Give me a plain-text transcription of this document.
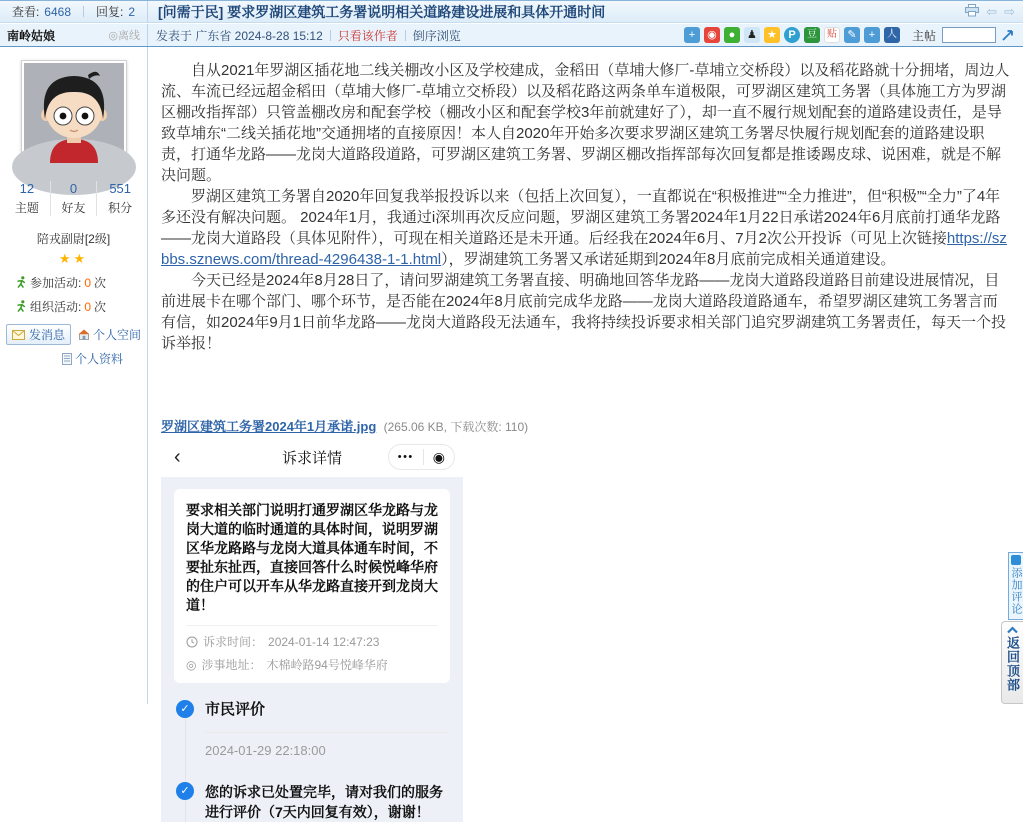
查看: 6468 回复: 2	[问需于民] 要求罗湖区建筑工务署说明相关道路建设进展和具体开通时间	⇦ ⇨
南岭姑娘	◎离线 发表于 广东省 2024-8-28 15:12 只看该作者 倒序浏览	+	◉	●	♟ ★	P	豆	贴 ✎	+	人 主帖
12
主题
0
好友
551
积分
陪戎副尉[2级]
★★
参加活动: 0 次
组织活动: 0 次
发消息 个人空间
个人资料

自从2021年罗湖区插花地二线关棚改小区及学校建成，金稻田（草埔大修厂-草埔立交桥段）以及稻花路就十分拥堵，周边人流、车流已经远超金稻田（草埔大修厂-草埔立交桥段）以及稻花路这两条单车道极限，可罗湖区建筑工务署（具体施工方为罗湖区棚改指挥部）只管盖棚改房和配套学校（棚改小区和配套学校3年前就建好了），却一直不履行规划配套的道路建设责任，是导致草埔东“二线关插花地”交通拥堵的直接原因！本人自2020年开始多次要求罗湖区建筑工务署尽快履行规划配套的道路建设职责，打通华龙路——龙岗大道路段道路，可罗湖区建筑工务署、罗湖区棚改指挥部每次回复都是推诿踢皮球、说困难，就是不解决问题。

罗湖区建筑工务署自2020年回复我举报投诉以来（包括上次回复），一直都说在“积极推进”“全力推进”，但“积极”“全力”了4年多还没有解决问题。 2024年1月，我通过i深圳再次反应问题，罗湖区建筑工务署2024年1月22日承诺2024年6月底前打通华龙路——龙岗大道路段（具体见附件），可现在相关道路还是未开通。后经我在2024年6月、7月2次公开投诉（可见上次链接https://szbbs.sznews.com/thread-4296438-1-1.html），罗湖建筑工务署又承诺延期到2024年8月底前完成相关通道建设。

今天已经是2024年8月28日了，请问罗湖建筑工务署直接、明确地回答华龙路——龙岗大道路段道路目前建设进展情况，目前进展卡在哪个部门、哪个环节，是否能在2024年8月底前完成华龙路——龙岗大道路段道路通车，希望罗湖区建筑工务署言而有信，如2024年9月1日前华龙路——龙岗大道路段无法通车，我将持续投诉要求相关部门追究罗湖建筑工务署责任，每天一个投诉举报！

罗湖区建筑工务署2024年1月承诺.jpg (265.06 KB, 下载次数: 110)
‹	诉求详情	•••	◉
要求相关部门说明打通罗湖区华龙路与龙岗大道的临时通道的具体时间，说明罗湖区华龙路路与龙岗大道具体通车时间，不要扯东扯西，直接回答什么时候悦峰华府的住户可以开车从华龙路直接开到龙岗大道！
诉求时间： 2024-01-14 12:47:23
◎ 涉事地址： 木棉岭路94号悦峰华府
✓ 市民评价
2024-01-29 22:18:00
✓	您的诉求已处置完毕，请对我们的服务进行评价（7天内回复有效），谢谢！
添加评论
返回顶部
